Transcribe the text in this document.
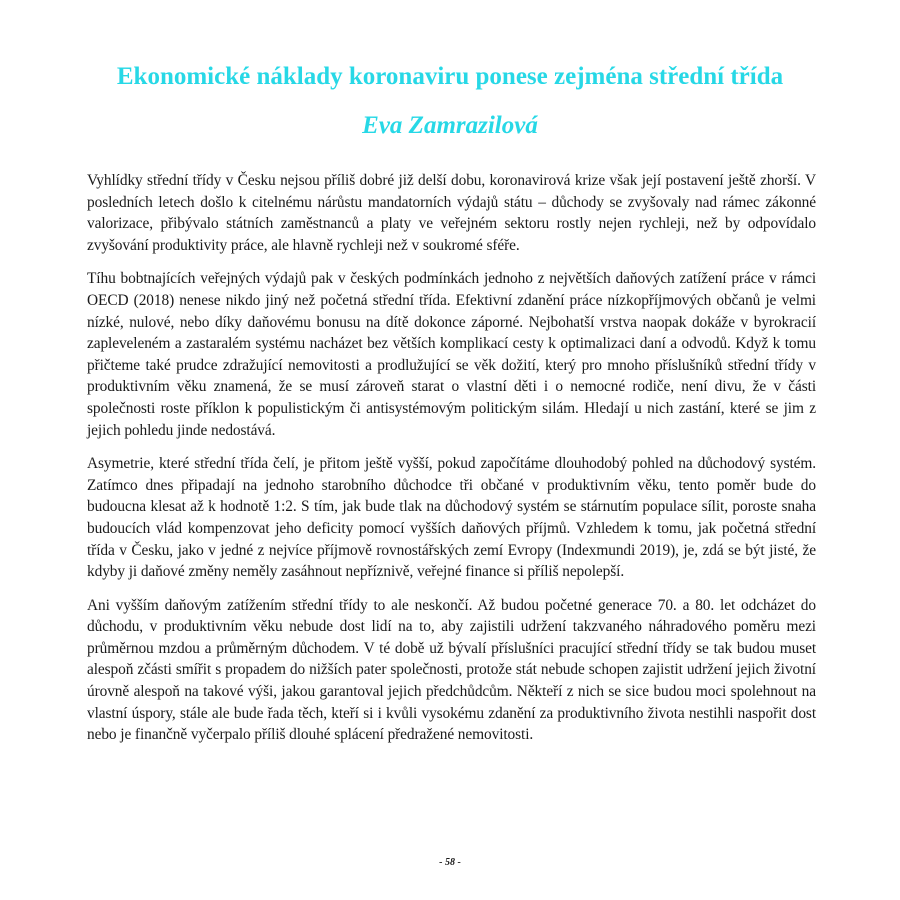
Ekonomické náklady koronaviru ponese zejména střední třída
Eva Zamrazilová

Vyhlídky střední třídy v Česku nejsou příliš dobré již delší dobu, koronavirová krize však její postavení ještě zhorší. V posledních letech došlo k citelnému nárůstu mandatorních výdajů státu – důchody se zvyšovaly nad rámec zákonné valorizace, přibývalo státních zaměstnanců a platy ve veřejném sektoru rostly nejen rychleji, než by odpovídalo zvyšování produktivity práce, ale hlavně rychleji než v soukromé sféře.

Tíhu bobtnajících veřejných výdajů pak v českých podmínkách jednoho z největších daňových zatížení práce v rámci OECD (2018) nenese nikdo jiný než početná střední třída. Efektivní zdanění práce nízkopříjmových občanů je velmi nízké, nulové, nebo díky daňovému bonusu na dítě dokonce záporné. Nejbohatší vrstva naopak dokáže v byrokracií zapleveleném a zastaralém systému nacházet bez větších komplikací cesty k optimalizaci daní a odvodů. Když k tomu přičteme také prudce zdražující nemovitosti a prodlužující se věk dožití, který pro mnoho příslušníků střední třídy v produktivním věku znamená, že se musí zároveň starat o vlastní děti i o nemocné rodiče, není divu, že v části společnosti roste příklon k populistickým či antisystémovým politickým silám. Hledají u nich zastání, které se jim z jejich pohledu jinde nedostává.

Asymetrie, které střední třída čelí, je přitom ještě vyšší, pokud započítáme dlouhodobý pohled na důchodový systém. Zatímco dnes připadají na jednoho starobního důchodce tři občané v produktivním věku, tento poměr bude do budoucna klesat až k hodnotě 1:2. S tím, jak bude tlak na důchodový systém se stárnutím populace sílit, poroste snaha budoucích vlád kompenzovat jeho deficity pomocí vyšších daňových příjmů. Vzhledem k tomu, jak početná střední třída v Česku, jako v jedné z nejvíce příjmově rovnostářských zemí Evropy (Indexmundi 2019), je, zdá se být jisté, že kdyby ji daňové změny neměly zasáhnout nepříznivě, veřejné finance si příliš nepolepší.

Ani vyšším daňovým zatížením střední třídy to ale neskončí. Až budou početné generace 70. a 80. let odcházet do důchodu, v produktivním věku nebude dost lidí na to, aby zajistili udržení takzvaného náhradového poměru mezi průměrnou mzdou a průměrným důchodem. V té době už bývalí příslušníci pracující střední třídy se tak budou muset alespoň zčásti smířit s propadem do nižších pater společnosti, protože stát nebude schopen zajistit udržení jejich životní úrovně alespoň na takové výši, jakou garantoval jejich předchůdcům. Někteří z nich se sice budou moci spolehnout na vlastní úspory, stále ale bude řada těch, kteří si i kvůli vysokému zdanění za produktivního života nestihli naspořit dost nebo je finančně vyčerpalo příliš dlouhé splácení předražené nemovitosti.

- 58 -
